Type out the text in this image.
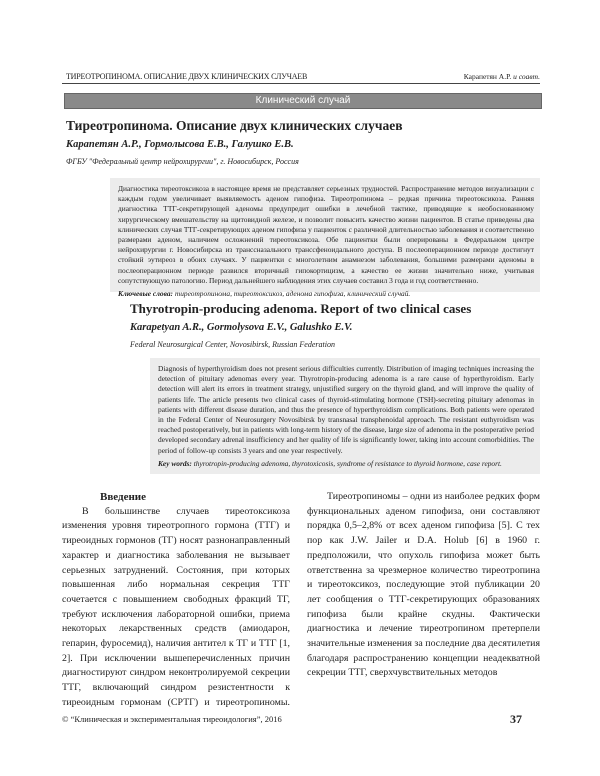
ТИРЕОТРОПИНОМА. ОПИСАНИЕ ДВУХ КЛИНИЧЕСКИХ СЛУЧАЕВ	Карапетян А.Р. и соавт.
Клинический случай
Тиреотропинома. Описание двух клинических случаев
Карапетян А.Р., Гормолысова Е.В., Галушко Е.В.
ФГБУ "Федеральный центр нейрохирургии", г. Новосибирск, Россия
Диагностика тиреотоксикоза в настоящее время не представляет серьезных трудностей. Распространение методов визуализации с каждым годом увеличивает выявляемость аденом гипофиза. Тиреотропинома – редкая причина тиреотоксикоза. Ранняя диагностика ТТГ-секретирующей аденомы предупредит ошибки в лечебной тактике, приводящие к необоснованному хирургическому вмешательству на щитовидной железе, и позволит повысить качество жизни пациентов. В статье приведены два клинических случая ТТГ-секретирующих аденом гипофиза у пациенток с различной длительностью заболевания и соответственно размерами аденом, наличием осложнений тиреотоксикоза. Обе пациентки были оперированы в Федеральном центре нейрохирургии г. Новосибирска из транссназального транссфеноидального доступа. В послеоперационном периоде достигнут стойкий эутиреоз в обоих случаях. У пациентки с многолетним анамнезом заболевания, большими размерами аденомы в послеоперационном периоде развился вторичный гипокортицизм, а качество ее жизни значительно ниже, учитывая сопутствующую патологию. Период дальнейшего наблюдения этих случаев составил 3 года и год соответственно.
Ключевые слова: тиреотропинома, тиреотоксикоз, аденома гипофиза, клинический случай.
Thyrotropin-producing adenoma. Report of two clinical cases
Karapetyan A.R., Gormolysova E.V., Galushko E.V.
Federal Neurosurgical Center, Novosibirsk, Russian Federation
Diagnosis of hyperthyroidism does not present serious difficulties currently. Distribution of imaging techniques increasing the detection of pituitary adenomas every year. Thyrotropin-producing adenoma is a rare cause of hyperthyroidism. Early detection will alert its errors in treatment strategy, unjustified surgery on the thyroid gland, and will improve the quality of patients life. The article presents two clinical cases of thyroid-stimulating hormone (TSH)-secreting pituitary adenomas in patients with different disease duration, and thus the presence of hyperthyroidism complications. Both patients were operated in the Federal Center of Neurosurgery Novosibirsk by transnasal transphenoidal approach. The resistant euthyroidism was reached postoperatively, but in patients with long-term history of the disease, large size of adenoma in the postoperative period developed secondary adrenal insufficiency and her quality of life is significantly lower, taking into account comorbidities. The period of follow-up consists 3 years and one year respectively.
Key words: thyrotropin-producing adenoma, thyrotoxicosis, syndrome of resistance to thyroid hormone, case report.
Введение

В большинстве случаев тиреотоксикоза изменения уровня тиреотропного гормона (ТТГ) и тиреоидных гормонов (ТГ) носят разнонаправленный характер и диагностика заболевания не вызывает серьезных затруднений. Состояния, при которых повышенная либо нормальная секреция ТТГ сочетается с повышением свободных фракций ТГ, требуют исключения лабораторной ошибки, приема некоторых лекарственных средств (амиодарон, гепарин, фуросемид), наличия антител к ТГ и ТТГ [1, 2]. При исключении вышеперечисленных причин диагностируют синдром неконтролируемой секреции ТТГ, включающий синдром резистентности к тиреоидным гормонам (СРТГ) и тиреотропиномы.

Тиреотропиномы – одни из наиболее редких форм функциональных аденом гипофиза, они составляют порядка 0,5–2,8% от всех аденом гипофиза [5]. С тех пор как J.W. Jailer и D.A. Holub [6] в 1960 г. предположили, что опухоль гипофиза может быть ответственна за чрезмерное количество тиреотропина и тиреотоксикоз, последующие этой публикации 20 лет сообщения о ТТГ-секретирующих образованиях гипофиза были крайне скудны. Фактически диагностика и лечение тиреотропином претерпели значительные изменения за последние два десятилетия благодаря распространению концепции неадекватной секреции ТТГ, сверхчувствительных методов

© “Клиническая и экспериментальная тиреоидология”, 2016	37
